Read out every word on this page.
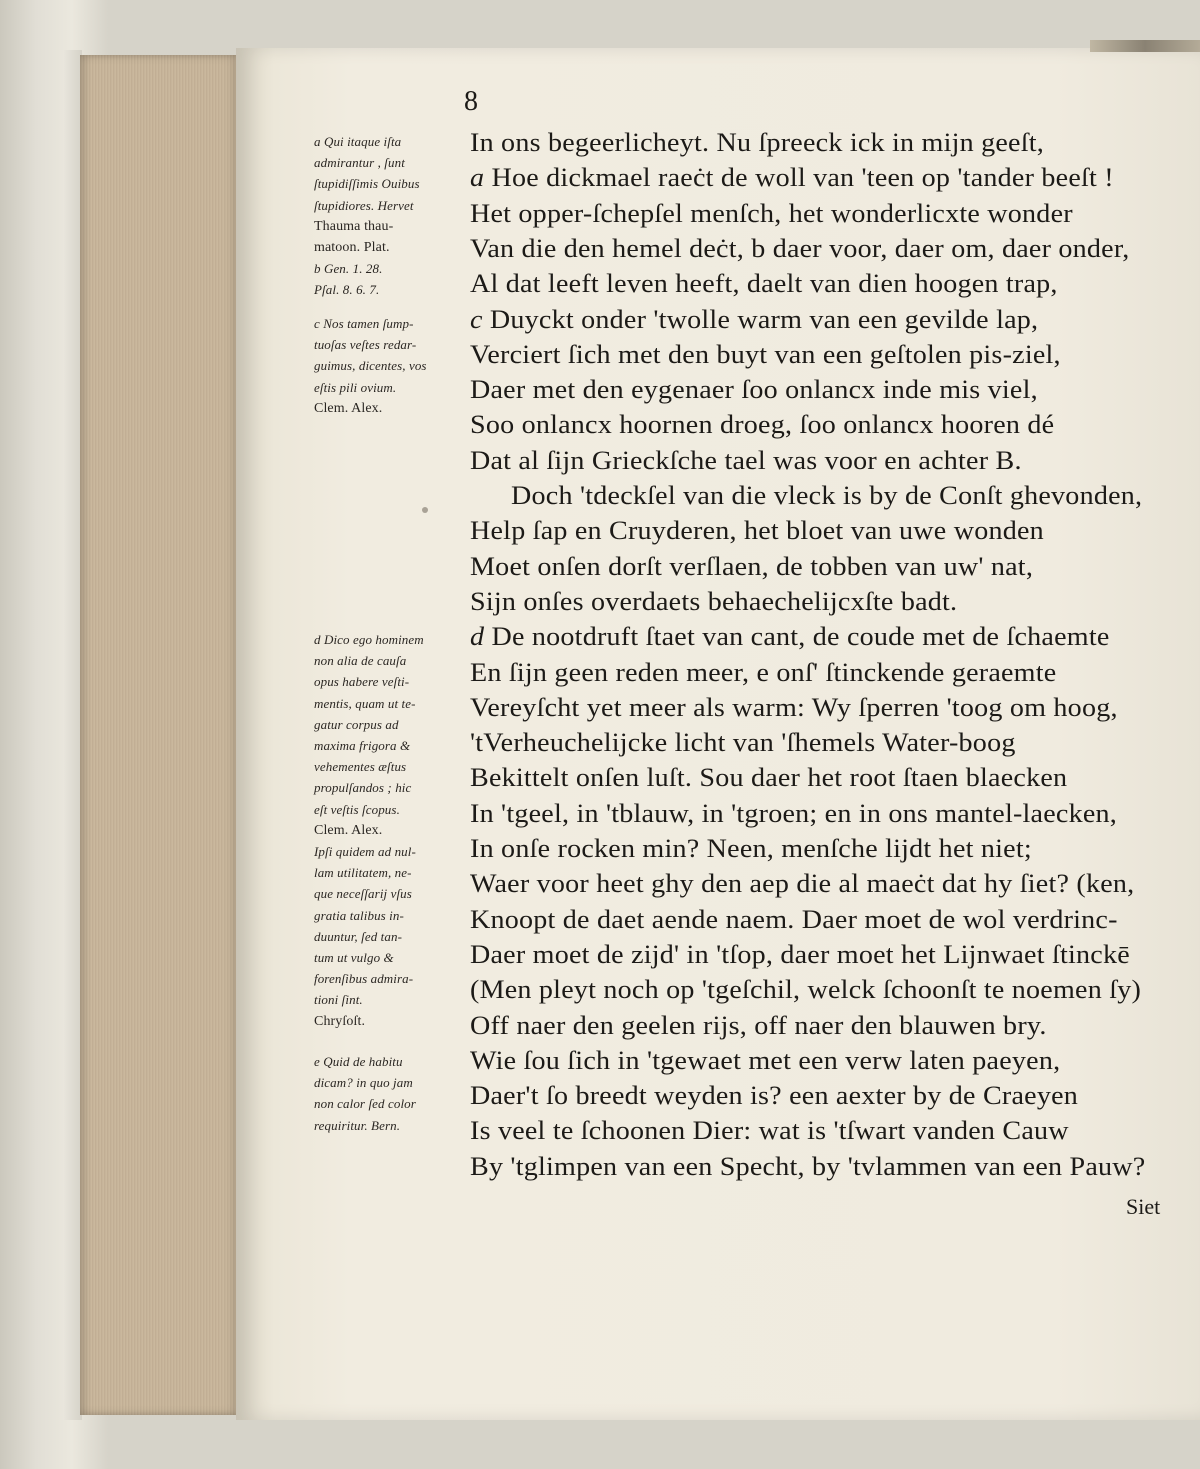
8
In ons begeerlicheyt. Nu ſpreeck ick in mijn geeſt,
a Hoe dickmael raeċt de woll van 'teen op 'tander beeſt !
Het opper-ſchepſel menſch, het wonderlicxte wonder
Van die den hemel deċt, b daer voor, daer om, daer onder,
Al dat leeft leven heeft, daelt van dien hoogen trap,
c Duyckt onder 'twolle warm van een gevilde lap,
Verciert ſich met den buyt van een geſtolen pis-ziel,
Daer met den eygenaer ſoo onlancx inde mis viel,
Soo onlancx hoornen droeg, ſoo onlancx hooren dé
Dat al ſijn Grieckſche tael was voor en achter B.
Doch 'tdeckſel van die vleck is by de Conſt ghevonden,
Help ſap en Cruyderen, het bloet van uwe wonden
Moet onſen dorſt verſlaen, de tobben van uw' nat,
Sijn onſes overdaets behaechelijcxſte badt.
d De nootdruft ſtaet van cant, de coude met de ſchaemte
En ſijn geen reden meer, e onſ' ſtinckende geraemte
Vereyſcht yet meer als warm: Wy ſperren 'toog om hoog,
'tVerheuchelijcke licht van 'ſhemels Water-boog
Bekittelt onſen luſt. Sou daer het root ſtaen blaecken
In 'tgeel, in 'tblauw, in 'tgroen; en in ons mantel-laecken,
In onſe rocken min? Neen, menſche lijdt het niet;
Waer voor heet ghy den aep die al maeċt dat hy ſiet? (ken,
Knoopt de daet aende naem. Daer moet de wol verdrinc-
Daer moet de zijd' in 'tſop, daer moet het Lijnwaet ſtinckē
(Men pleyt noch op 'tgeſchil, welck ſchoonſt te noemen ſy)
Off naer den geelen rijs, off naer den blauwen bry.
Wie ſou ſich in 'tgewaet met een verw laten paeyen,
Daer't ſo breedt weyden is? een aexter by de Craeyen
Is veel te ſchoonen Dier: wat is 'tſwart vanden Cauw
By 'tglimpen van een Specht, by 'tvlammen van een Pauw?
a Qui itaque iſta
admirantur , ſunt
ſtupidiſſimis Ouibus
ſtupidiores. Hervet
Thauma thau-
matoon. Plat.
b Gen. 1. 28.
Pſal. 8. 6. 7.
c Nos tamen ſump-
tuoſas veſtes redar-
guimus, dicentes, vos
eſtis pili ovium.
Clem. Alex.
d Dico ego hominem
non alia de cauſa
opus habere veſti-
mentis, quam ut te-
gatur corpus ad
maxima frigora &
vehementes æſtus
propulſandos ; hic
eſt veſtis ſcopus.
Clem. Alex.
Ipſi quidem ad nul-
lam utilitatem, ne-
que neceſſarij vſus
gratia talibus in-
duuntur, ſed tan-
tum ut vulgo &
forenſibus admira-
tioni ſint.
Chryſoſt.
e Quid de habitu
dicam? in quo jam
non calor ſed color
requiritur. Bern.
Siet
